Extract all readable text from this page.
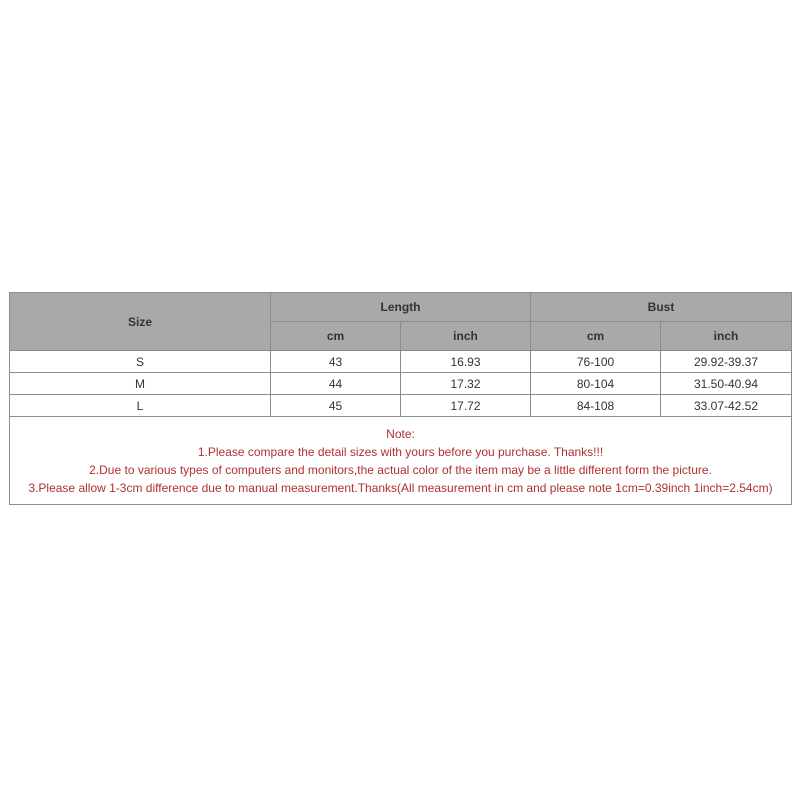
Size	Length		Bust	
	cm	inch	cm	inch
S	43	16.93	76-100	29.92-39.37
M	44	17.32	80-104	31.50-40.94
L	45	17.72	84-108	33.07-42.52

Note:
1.Please compare the detail sizes with yours before you purchase. Thanks!!!
2.Due to various types of computers and monitors,the actual color of the item may be a little different form the picture.
3.Please allow 1-3cm difference due to manual measurement.Thanks(All measurement in cm and please note 1cm=0.39inch 1inch=2.54cm)				
